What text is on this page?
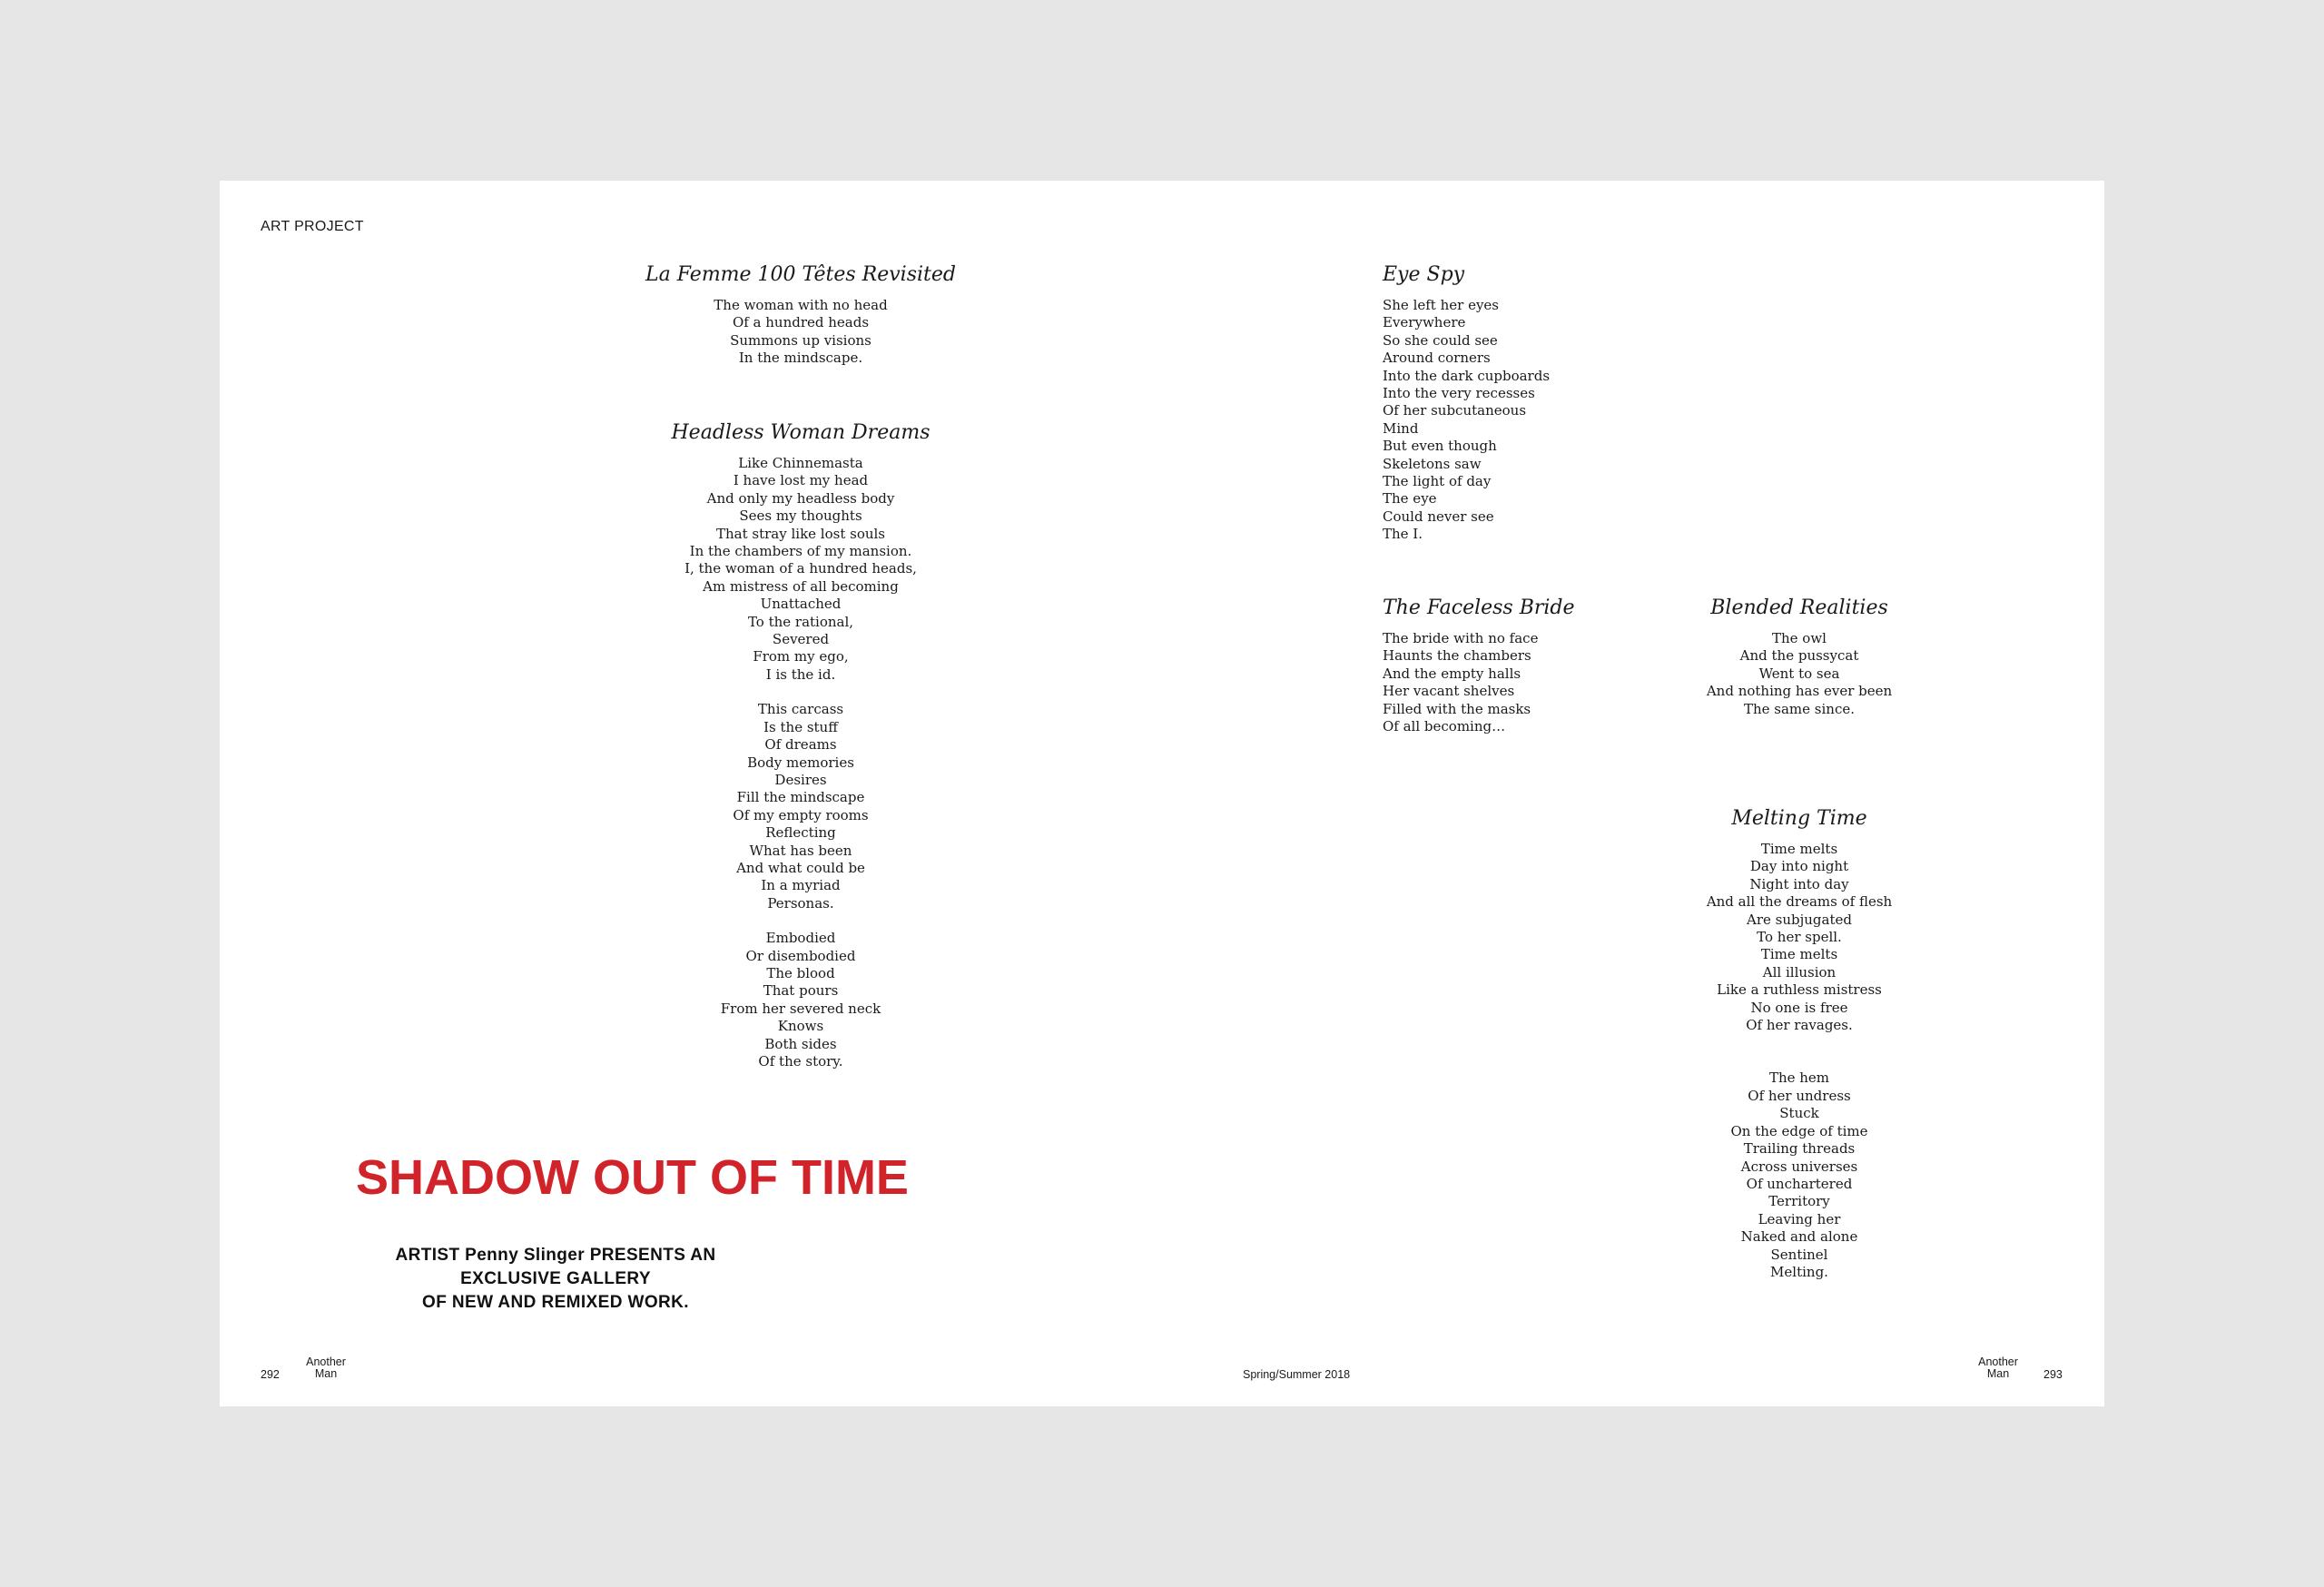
ART PROJECT
La Femme 100 Têtes Revisited
The woman with no head
Of a hundred heads
Summons up visions
In the mindscape.
Headless Woman Dreams
Like Chinnemasta
I have lost my head
And only my headless body
Sees my thoughts
That stray like lost souls
In the chambers of my mansion.
I, the woman of a hundred heads,
Am mistress of all becoming
Unattached
To the rational,
Severed
From my ego,
I is the id.
This carcass
Is the stuff
Of dreams
Body memories
Desires
Fill the mindscape
Of my empty rooms
Reflecting
What has been
And what could be
In a myriad
Personas.
Embodied
Or disembodied
The blood
That pours
From her severed neck
Knows
Both sides
Of the story.
SHADOW OUT OF TIME
ARTIST Penny Slinger PRESENTS AN EXCLUSIVE GALLERY
OF NEW AND REMIXED WORK.
Eye Spy
She left her eyes
Everywhere
So she could see
Around corners
Into the dark cupboards
Into the very recesses
Of her subcutaneous
Mind
But even though
Skeletons saw
The light of day
The eye
Could never see
The I.
The Faceless Bride
The bride with no face
Haunts the chambers
And the empty halls
Her vacant shelves
Filled with the masks
Of all becoming…
Blended Realities
The owl
And the pussycat
Went to sea
And nothing has ever been
The same since.
Melting Time
Time melts
Day into night
Night into day
And all the dreams of flesh
Are subjugated
To her spell.
Time melts
All illusion
Like a ruthless mistress
No one is free
Of her ravages.
The hem
Of her undress
Stuck
On the edge of time
Trailing threads
Across universes
Of unchartered
Territory
Leaving her
Naked and alone
Sentinel
Melting.
292
Another
Man	Spring/Summer 2018
Another
Man	293
